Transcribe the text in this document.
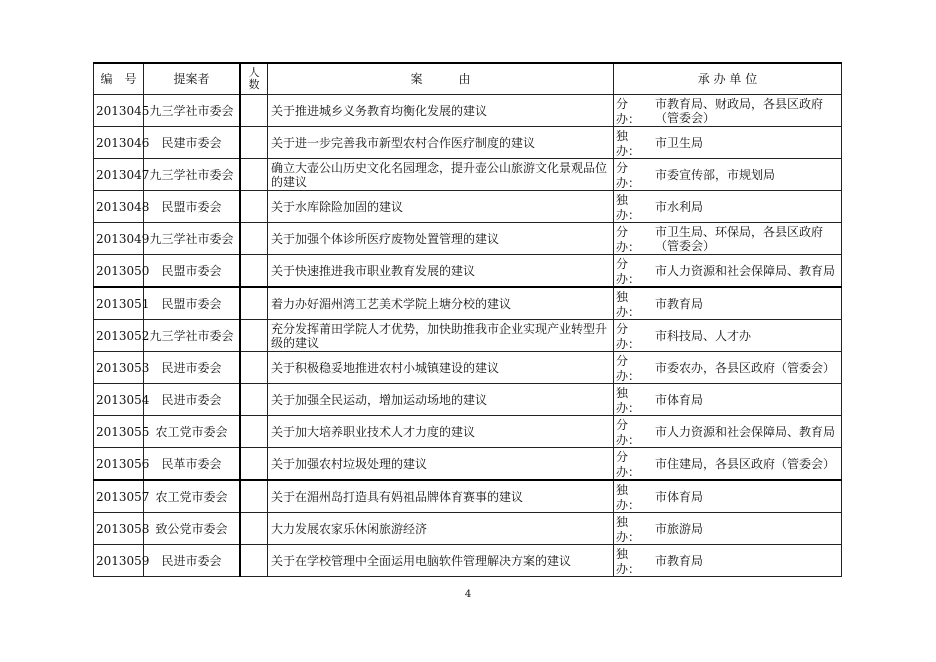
编　号	提案者	人数	案　　　由	承 办 单 位
2013045	九三学社市委会		关于推进城乡义务教育均衡化发展的建议	分办：
市教育局、财政局，各县区政府（管委会）

2013046	民建市委会		关于进一步完善我市新型农村合作医疗制度的建议	独办：
市卫生局

2013047	九三学社市委会		确立大壶公山历史文化名园理念，提升壶公山旅游文化景观品位的建议	分办：
市委宣传部，市规划局

2013048	民盟市委会		关于水库除险加固的建议	独办：
市水利局

2013049	九三学社市委会		关于加强个体诊所医疗废物处置管理的建议	分办：
市卫生局、环保局，各县区政府（管委会）

2013050	民盟市委会		关于快速推进我市职业教育发展的建议	分办：
市人力资源和社会保障局、教育局

2013051	民盟市委会		着力办好湄州湾工艺美术学院上塘分校的建议	独办：
市教育局

2013052	九三学社市委会		充分发挥莆田学院人才优势，加快助推我市企业实现产业转型升级的建议	分办：
市科技局、人才办

2013053	民进市委会		关于积极稳妥地推进农村小城镇建设的建议	分办：
市委农办，各县区政府（管委会）

2013054	民进市委会		关于加强全民运动，增加运动场地的建议	独办：
市体育局

2013055	农工党市委会		关于加大培养职业技术人才力度的建议	分办：
市人力资源和社会保障局、教育局

2013056	民革市委会		关于加强农村垃圾处理的建议	分办：
市住建局，各县区政府（管委会）

2013057	农工党市委会		关于在湄州岛打造具有妈祖品牌体育赛事的建议	独办：
市体育局

2013058	致公党市委会		大力发展农家乐休闲旅游经济	独办：
市旅游局

2013059	民进市委会		关于在学校管理中全面运用电脑软件管理解决方案的建议	独办：
市教育局
4
